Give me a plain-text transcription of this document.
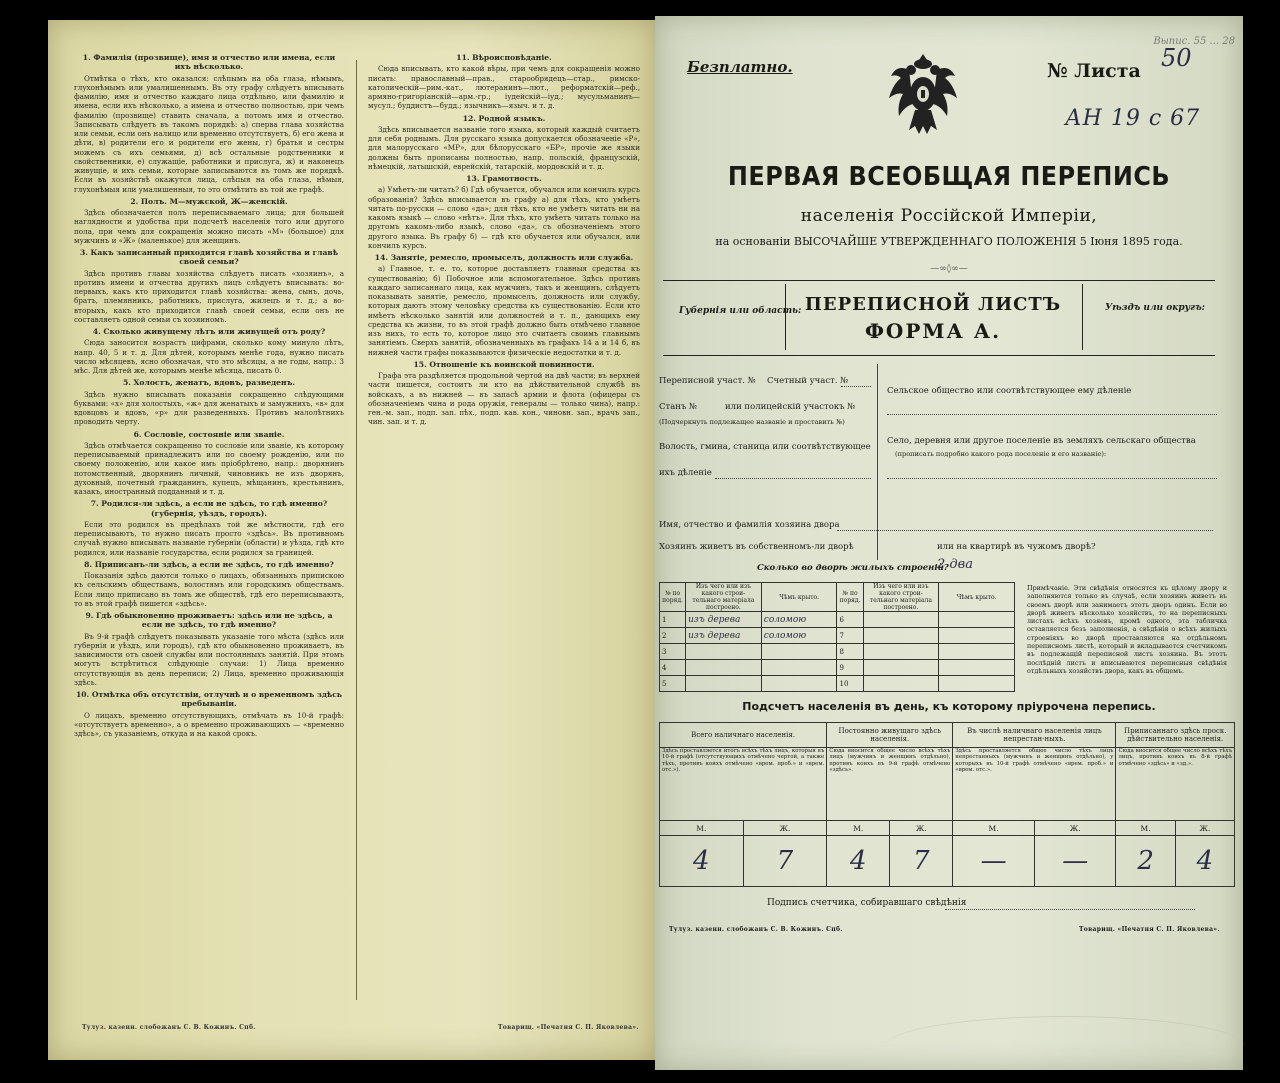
1. Фамилія (прозвище), имя и отчество или имена, если ихъ нѣсколько.

Отмѣтка о тѣхъ, кто оказался: слѣпымъ на оба глаза, нѣмымъ, глухонѣмымъ или умалишеннымъ. Въ эту графу слѣдуетъ вписывать фамилію, имя и отчество каждаго лица отдѣльно, или фамилію и имена, если ихъ нѣсколько, а имена и отчество полностью, при чемъ фамилію (прозвище) ставить сначала, а потомъ имя и отчество. Записывать слѣдуетъ въ такомъ порядкѣ: а) сперва глава хозяйства или семьи, если онъ налицо или временно отсутствуетъ, б) его жена и дѣти, в) родители его и родители его жены, г) братья и сестры можемъ съ ихъ семьями, д) всѣ остальные родственники и свойственники, е) служащіе, работники и прислуга, ж) и наконецъ живущіе, и ихъ семьи, которые записываются въ томъ же порядкѣ. Если въ хозяйствѣ окажутся лица, слѣпыя на оба глаза, нѣмыя, глухонѣмыя или умалишенныя, то это отмѣтить въ той же графѣ.

2. Полъ. М—мужской, Ж—женскій.

Здѣсь обозначается полъ переписываемаго лица; для большей наглядности и удобства при подсчетѣ населенія того или другого пола, при чемъ для сокращенія можно писать «М» (большое) для мужчинъ и «Ж» (маленькое) для женщинъ.

3. Какъ записанный приходится главѣ хозяйства и главѣ своей семьи?

Здѣсь противъ главы хозяйства слѣдуетъ писать «хозяинъ», а противъ имени и отчества другихъ лицъ слѣдуетъ вписывать: во-первыхъ, какъ кто приходится главѣ хозяйства: жена, сынъ, дочь, братъ, племянникъ, работникъ, прислуга, жилецъ и т. д.; а во-вторыхъ, какъ кто приходится главѣ своей семьи, если онъ не составляетъ одной семьи съ хозяиномъ.

4. Сколько живущему лѣтъ или живущей отъ роду?

Сюда заносится возрастъ цифрами, сколько кому минуло лѣтъ, напр. 40, 5 и т. д. Для дѣтей, которымъ менѣе года, нужно писать число мѣсяцевъ, ясно обозначая, что это мѣсяцы, а не годы, напр.: 3 мѣс. Для дѣтей же, которымъ менѣе мѣсяца, писать 0.

5. Холостъ, женатъ, вдовъ, разведенъ.

Здѣсь нужно вписывать показанія сокращенно слѣдующими буквами: «х» для холостыхъ, «ж» для женатыхъ и замужнихъ, «в» для вдовцовъ и вдовъ, «р» для разведенныхъ. Противъ малолѣтнихъ проводить черту.

6. Сословіе, состояніе или званіе.

Здѣсь отмѣчается сокращенно то сословіе или званіе, къ которому переписываемый принадлежитъ или по своему рожденію, или по своему положенію, или какое имъ пріобрѣтено, напр.: дворянинъ потомственный, дворянинъ личный, чиновникъ не изъ дворянъ, духовный, почетный гражданинъ, купецъ, мѣщанинъ, крестьянинъ, казакъ, иностранный подданный и т. д.

7. Родился-ли здѣсь, а если не здѣсь, то гдѣ именно? (губернія, уѣздъ, городъ).

Если это родился въ предѣлахъ той же мѣстности, гдѣ его переписываютъ, то нужно писать просто «здѣсь». Въ противномъ случаѣ нужно вписывать названіе губерніи (области) и уѣзда, гдѣ кто родился, или названіе государства, если родился за границей.

8. Приписанъ-ли здѣсь, а если не здѣсь, то гдѣ именно?

Показанія здѣсь даются только о лицахъ, обязанныхъ припискою къ сельскимъ обществамъ, волостямъ или городскимъ обществамъ. Если лицо приписано въ томъ же обществѣ, гдѣ его переписываютъ, то въ этой графѣ пишется «здѣсь».

9. Гдѣ обыкновенно проживаетъ: здѣсь или не здѣсь, а если не здѣсь, то гдѣ именно?

Въ 9-й графѣ слѣдуетъ показывать указаніе того мѣста (здѣсь или губернія и уѣздъ, или городъ), гдѣ кто обыкновенно проживаетъ, въ зависимости отъ своей службы или постоянныхъ занятій. При этомъ могутъ встрѣтиться слѣдующіе случаи: 1) Лица временно отсутствующія въ день переписи; 2) Лица, временно проживающія здѣсь.

10. Отмѣтка объ отсутствіи, отлучнѣ и о временномъ здѣсь пребываніи.

О лицахъ, временно отсутствующихъ, отмѣчать въ 10-й графѣ: «отсутствуетъ временно», а о временно проживающихъ — «временно здѣсь», съ указаніемъ, откуда и на какой срокъ.

11. Вѣроисповѣданіе.

Сюда вписывать, кто какой вѣры, при чемъ для сокращенія можно писать: православный—прав., старообрядецъ—стар., римско-католическій—рим.-кат., лютеранинъ—лют., реформатскій—реф., армяно-григоріанскій—арм.-гр.; іудейскій—іуд.; мусульманинъ—мусул.; буддистъ—будд.; язычникъ—языч. и т. д.

12. Родной языкъ.

Здѣсь вписывается названіе того языка, который каждый считаетъ для себя роднымъ. Для русскаго языка допускается обозначеніе «Р», для малорусскаго «МР», для бѣлорусскаго «БР», прочіе же языки должны быть прописаны полностью, напр. польскій, французскій, нѣмецкій, латышскій, еврейскій, татарскій, мордовскій и т. д.

13. Грамотность.

а) Умѣетъ-ли читать? б) Гдѣ обучается, обучался или кончилъ курсъ образованія? Здѣсь вписывается въ графу а) для тѣхъ, кто умѣетъ читать по-русски — слово «да»; для тѣхъ, кто не умѣетъ читать ни на какомъ языкѣ — слово «нѣтъ». Для тѣхъ, кто умѣетъ читать только на другомъ какомъ-либо языкѣ, слово «да», съ обозначеніемъ этого другого языка. Въ графу б) — гдѣ кто обучается или обучался, или кончилъ курсъ.

14. Занятіе, ремесло, промыселъ, должность или служба.

а) Главное, т. е. то, которое доставляетъ главныя средства къ существованію; б) Побочное или вспомогательное. Здѣсь противъ каждаго записаннаго лица, как мужчинъ, такъ и женщинъ, слѣдуетъ показывать занятіе, ремесло, промыселъ, должность или службу, которыя даютъ этому человѣку средства къ существованію. Если кто имѣетъ нѣсколько занятій или должностей и т. п., дающихъ ему средства къ жизни, то въ этой графѣ должно быть отмѣчено главное изъ нихъ, то есть то, которое лицо это считаетъ своимъ главнымъ занятіемъ. Сверхъ занятій, обозначенныхъ въ графахъ 14 а и 14 б, въ нижней части графы показываются физическіе недостатки и т. д.

15. Отношеніе къ воинской повинности.

Графа эта раздѣляется продольной чертой на двѣ части; въ верхней части пишется, состоитъ ли кто на дѣйствительной службѣ въ войскахъ, а въ нижней — въ запасѣ армии и флота (офицеры съ обозначеніемъ чина и рода оружія, генералы — только чина), напр.: ген.-м. зап., подп. зап. пѣх., подп. кав. кон., чиновн. зап., врачъ зап., чин. зап. и т. д.

Тулуз. казенн. слобожанъ С. В. Кожинъ. Спб.	Товарищ. «Печатня С. П. Яковлева».
Безплатно.	№ Листа 50
Выпис. 55 ... 28
АН 19 с 67
ПЕРВАЯ ВСЕОБЩАЯ ПЕРЕПИСЬ
населенія Россійской Имперіи,
на основаніи ВЫСОЧАЙШЕ УТВЕРЖДЕННАГО ПОЛОЖЕНІЯ 5 Іюня 1895 года.
—∞◊∞—
Губернія или область: ПЕРЕПИСНОЙ ЛИСТЪ
ФОРМА А.
Уѣздъ или округъ:
Переписной участ. № Счетный участ. №
Станъ №	или полицейскій участокъ №
(Подчеркнуть подлежащее названіе и проставить №)
Волость, гмина, станица или соотвѣтствующее
ихъ дѣленіе
Сельское общество или соотвѣтствующее ему дѣленіе
Село, деревня или другое поселеніе въ земляхъ сельскаго общества
(прописать подробно какого рода поселеніе и его названіе):
Имя, отчество и фамилія хозяина двора
Хозяинъ живетъ въ собственномъ-ли дворѣ	или на квартирѣ въ чужомъ дворѣ?
Сколько во дворѣ жилыхъ строеній?
2 два
№ по поряд.	Изъ чего или изъ какого строи-тельнаго матеріала построено.	Чѣмъ крыто.	№ по поряд.	Изъ чего или изъ какого строи-тельнаго матеріала построено.	Чѣмъ крыто.
1	изъ дерева	соломою	6		
2	изъ дерева	соломою	7		
3			8		
4			9		
5			10		
Примѣчаніе. Эти свѣдѣнія относятся къ цѣлому двору и заполняются только въ случаѣ, если хозяинъ живетъ въ своемъ дворѣ или занимаетъ этотъ дворъ одинъ. Если во дворѣ живетъ нѣсколько хозяйствъ, то на переписныхъ листахъ всѣхъ хозяевъ, кромѣ одного, эта табличка оставляется безъ заполненія, а свѣдѣнія о всѣхъ жилыхъ строеніяхъ во дворѣ проставляются на отдѣльномъ переписномъ листѣ, который и вкладывается счетчикомъ въ подлежащій переписной листъ хозяина. Въ этотъ послѣдній листъ и вписываются переписныя свѣдѣнія отдѣльныхъ хозяйствъ двора, какъ въ общемъ.
Подсчетъ населенія въ день, къ которому пріурочена перепись.
Всего наличнаго населенія.		Постоянно живущаго здѣсь населенія.		Въ числѣ наличнаго населенія лицъ непрестан-ныхъ.		Приписаннаго здѣсь проск. дѣйствительно населенія.	
Здѣсь проставляется итогъ всѣхъ тѣхъ лицъ, которыя въ 10-й графѣ (отсутствующихъ отмѣчено чертой, а также тѣхъ, противъ коихъ отмѣчено «врем. проб.» и «врем. отс.»).		Сюда вносится общее число всѣхъ тѣхъ лицъ (мужчинъ и женщинъ отдѣльно), противъ коихъ въ 9-й графѣ отмѣчено «здѣсь».		Здѣсь проставляется общее число тѣхъ лицъ непрестанныхъ (мужчинъ и женщинъ отдѣльно), у которыхъ въ 10-й графѣ отмѣчено «врем. проб.» и «врем. отс.».		Сюда вносится общее число всѣхъ тѣхъ лицъ, противъ коихъ въ 8-й графѣ отмѣчено «здѣсь» и «зд.».	
М.	Ж.	М.	Ж.	М.	Ж.	М.	Ж.
4	7	4	7	—	—	2	4
Подпись счетчика, собиравшаго свѣдѣнія
Тулуз. казенн. слобожанъ С. В. Кожинъ. Спб.	Товарищ. «Печатня С. П. Яковлева».
